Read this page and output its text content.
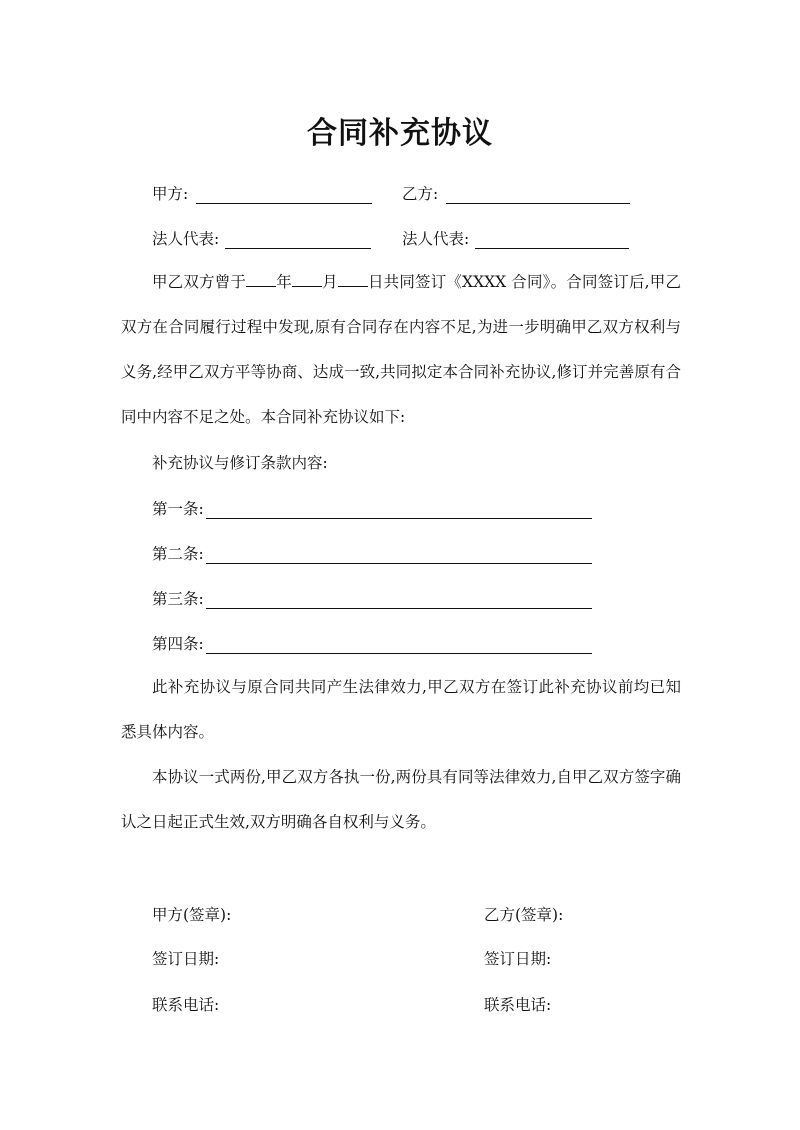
合同补充协议
甲方:	乙方:
法人代表:	法人代表:
甲乙双方曾于 年 月 日共同签订《XXXX 合同》。合同签订后,甲乙双方在合同履行过程中发现,原有合同存在内容不足,为进一步明确甲乙双方权利与义务,经甲乙双方平等协商、达成一致,共同拟定本合同补充协议,修订并完善原有合同中内容不足之处。本合同补充协议如下:
补充协议与修订条款内容:
第一条:
第二条:
第三条:
第四条:
此补充协议与原合同共同产生法律效力,甲乙双方在签订此补充协议前均已知悉具体内容。
本协议一式两份,甲乙双方各执一份,两份具有同等法律效力,自甲乙双方签字确认之日起正式生效,双方明确各自权利与义务。
甲方(签章):	乙方(签章):
签订日期:	签订日期:
联系电话:	联系电话:
